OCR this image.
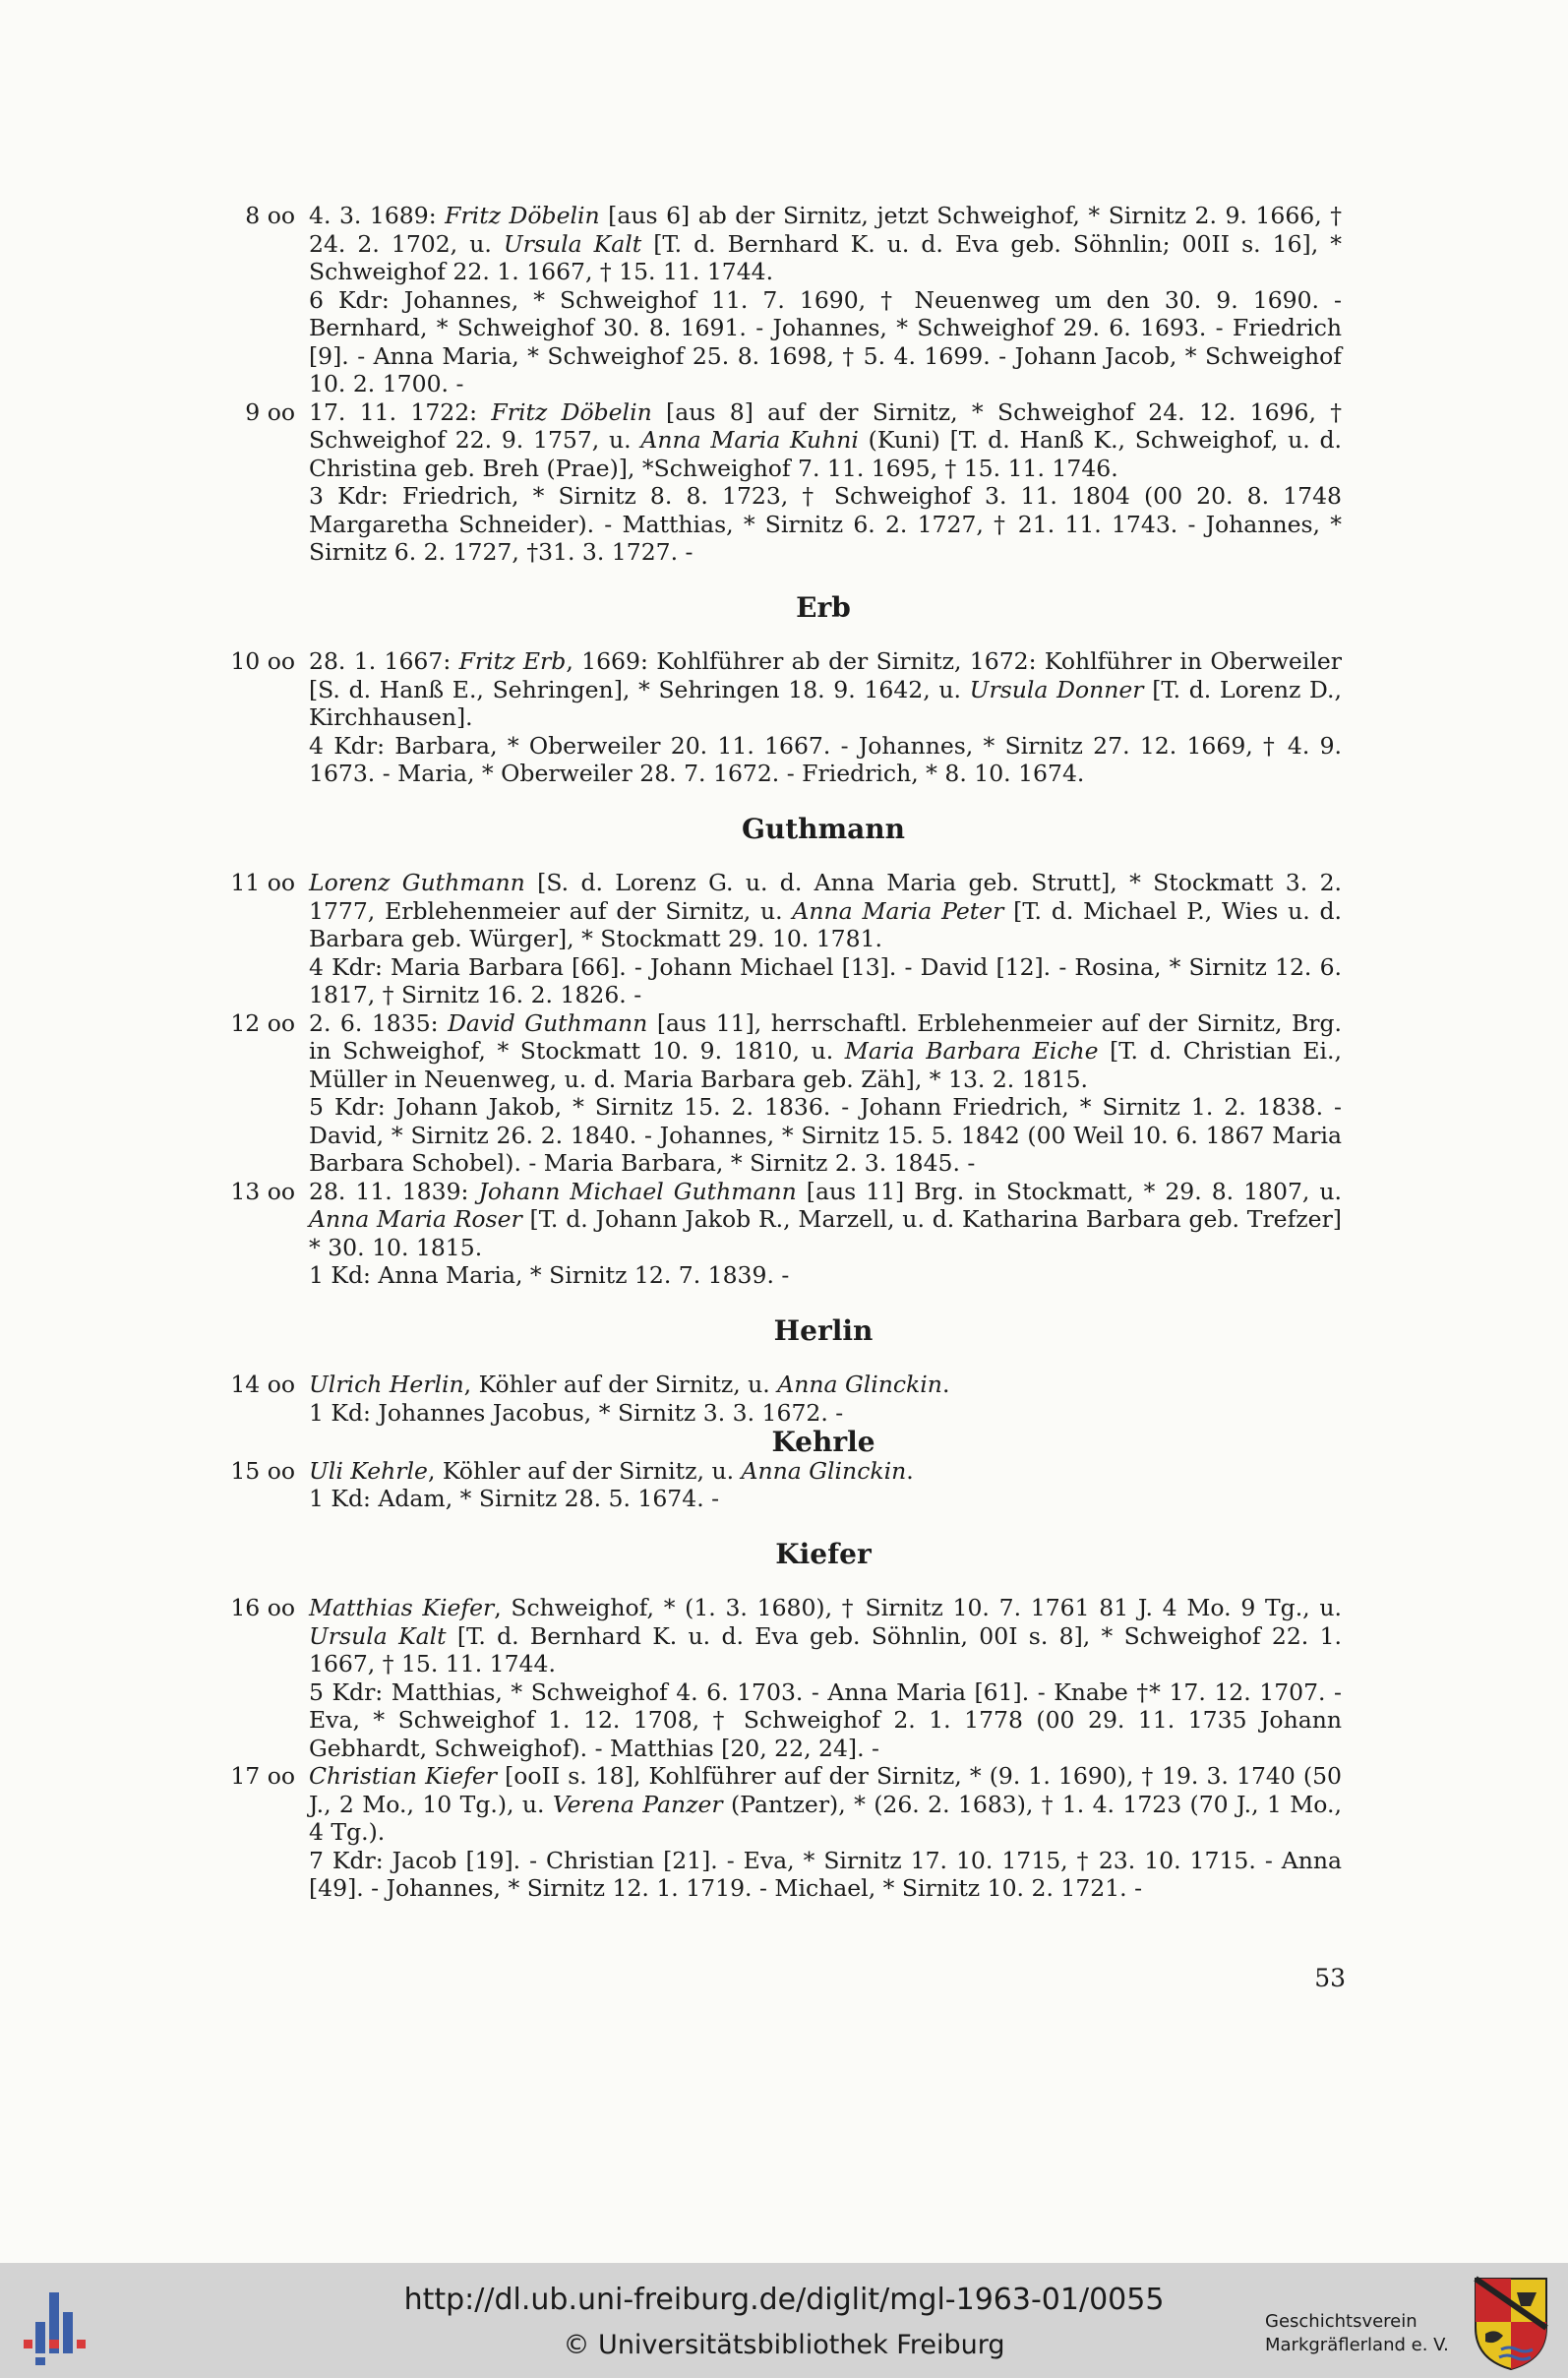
8 oo 4. 3. 1689: Fritz Döbelin [aus 6] ab der Sirnitz, jetzt Schweighof, * Sirnitz 2. 9. 1666, † 24. 2. 1702, u. Ursula Kalt [T. d. Bernhard K. u. d. Eva geb. Söhnlin; 00II s. 16], * Schweighof 22. 1. 1667, † 15. 11. 1744.
6 Kdr: Johannes, * Schweighof 11. 7. 1690, † Neuenweg um den 30. 9. 1690. - Bernhard, * Schweighof 30. 8. 1691. - Johannes, * Schweighof 29. 6. 1693. - Friedrich [9]. - Anna Maria, * Schweighof 25. 8. 1698, † 5. 4. 1699. - Johann Jacob, * Schweighof 10. 2. 1700. -

9 oo 17. 11. 1722: Fritz Döbelin [aus 8] auf der Sirnitz, * Schweighof 24. 12. 1696, † Schweighof 22. 9. 1757, u. Anna Maria Kuhni (Kuni) [T. d. Hanß K., Schweighof, u. d. Christina geb. Breh (Prae)], *Schweighof 7. 11. 1695, † 15. 11. 1746.
3 Kdr: Friedrich, * Sirnitz 8. 8. 1723, † Schweighof 3. 11. 1804 (00 20. 8. 1748 Margaretha Schneider). - Matthias, * Sirnitz 6. 2. 1727, † 21. 11. 1743. - Johannes, * Sirnitz 6. 2. 1727, †31. 3. 1727. -

Erb
10 oo 28. 1. 1667: Fritz Erb, 1669: Kohlführer ab der Sirnitz, 1672: Kohlführer in Oberweiler [S. d. Hanß E., Sehringen], * Sehringen 18. 9. 1642, u. Ursula Donner [T. d. Lorenz D., Kirchhausen].
4 Kdr: Barbara, * Oberweiler 20. 11. 1667. - Johannes, * Sirnitz 27. 12. 1669, † 4. 9. 1673. - Maria, * Oberweiler 28. 7. 1672. - Friedrich, * 8. 10. 1674.

Guthmann
11 oo Lorenz Guthmann [S. d. Lorenz G. u. d. Anna Maria geb. Strutt], * Stockmatt 3. 2. 1777, Erblehenmeier auf der Sirnitz, u. Anna Maria Peter [T. d. Michael P., Wies u. d. Barbara geb. Würger], * Stockmatt 29. 10. 1781.
4 Kdr: Maria Barbara [66]. - Johann Michael [13]. - David [12]. - Rosina, * Sirnitz 12. 6. 1817, † Sirnitz 16. 2. 1826. -

12 oo 2. 6. 1835: David Guthmann [aus 11], herrschaftl. Erblehenmeier auf der Sirnitz, Brg. in Schweighof, * Stockmatt 10. 9. 1810, u. Maria Barbara Eiche [T. d. Christian Ei., Müller in Neuenweg, u. d. Maria Barbara geb. Zäh], * 13. 2. 1815.
5 Kdr: Johann Jakob, * Sirnitz 15. 2. 1836. - Johann Friedrich, * Sirnitz 1. 2. 1838. - David, * Sirnitz 26. 2. 1840. - Johannes, * Sirnitz 15. 5. 1842 (00 Weil 10. 6. 1867 Maria Barbara Schobel). - Maria Barbara, * Sirnitz 2. 3. 1845. -

13 oo 28. 11. 1839: Johann Michael Guthmann [aus 11] Brg. in Stockmatt, * 29. 8. 1807, u. Anna Maria Roser [T. d. Johann Jakob R., Marzell, u. d. Katharina Barbara geb. Trefzer] * 30. 10. 1815.
1 Kd: Anna Maria, * Sirnitz 12. 7. 1839. -

Herlin
14 oo Ulrich Herlin, Köhler auf der Sirnitz, u. Anna Glinckin.
1 Kd: Johannes Jacobus, * Sirnitz 3. 3. 1672. -

Kehrle
15 oo Uli Kehrle, Köhler auf der Sirnitz, u. Anna Glinckin.
1 Kd: Adam, * Sirnitz 28. 5. 1674. -

Kiefer
16 oo Matthias Kiefer, Schweighof, * (1. 3. 1680), † Sirnitz 10. 7. 1761 81 J. 4 Mo. 9 Tg., u. Ursula Kalt [T. d. Bernhard K. u. d. Eva geb. Söhnlin, 00I s. 8], * Schweighof 22. 1. 1667, † 15. 11. 1744.
5 Kdr: Matthias, * Schweighof 4. 6. 1703. - Anna Maria [61]. - Knabe †* 17. 12. 1707. - Eva, * Schweighof 1. 12. 1708, † Schweighof 2. 1. 1778 (00 29. 11. 1735 Johann Gebhardt, Schweighof). - Matthias [20, 22, 24]. -

17 oo Christian Kiefer [ooII s. 18], Kohlführer auf der Sirnitz, * (9. 1. 1690), † 19. 3. 1740 (50 J., 2 Mo., 10 Tg.), u. Verena Panzer (Pantzer), * (26. 2. 1683), † 1. 4. 1723 (70 J., 1 Mo., 4 Tg.).
7 Kdr: Jacob [19]. - Christian [21]. - Eva, * Sirnitz 17. 10. 1715, † 23. 10. 1715. - Anna [49]. - Johannes, * Sirnitz 12. 1. 1719. - Michael, * Sirnitz 10. 2. 1721. -

53
http://dl.ub.uni-freiburg.de/diglit/mgl-1963-01/0055
© Universitätsbibliothek Freiburg
Geschichtsverein
Markgräflerland e. V.
